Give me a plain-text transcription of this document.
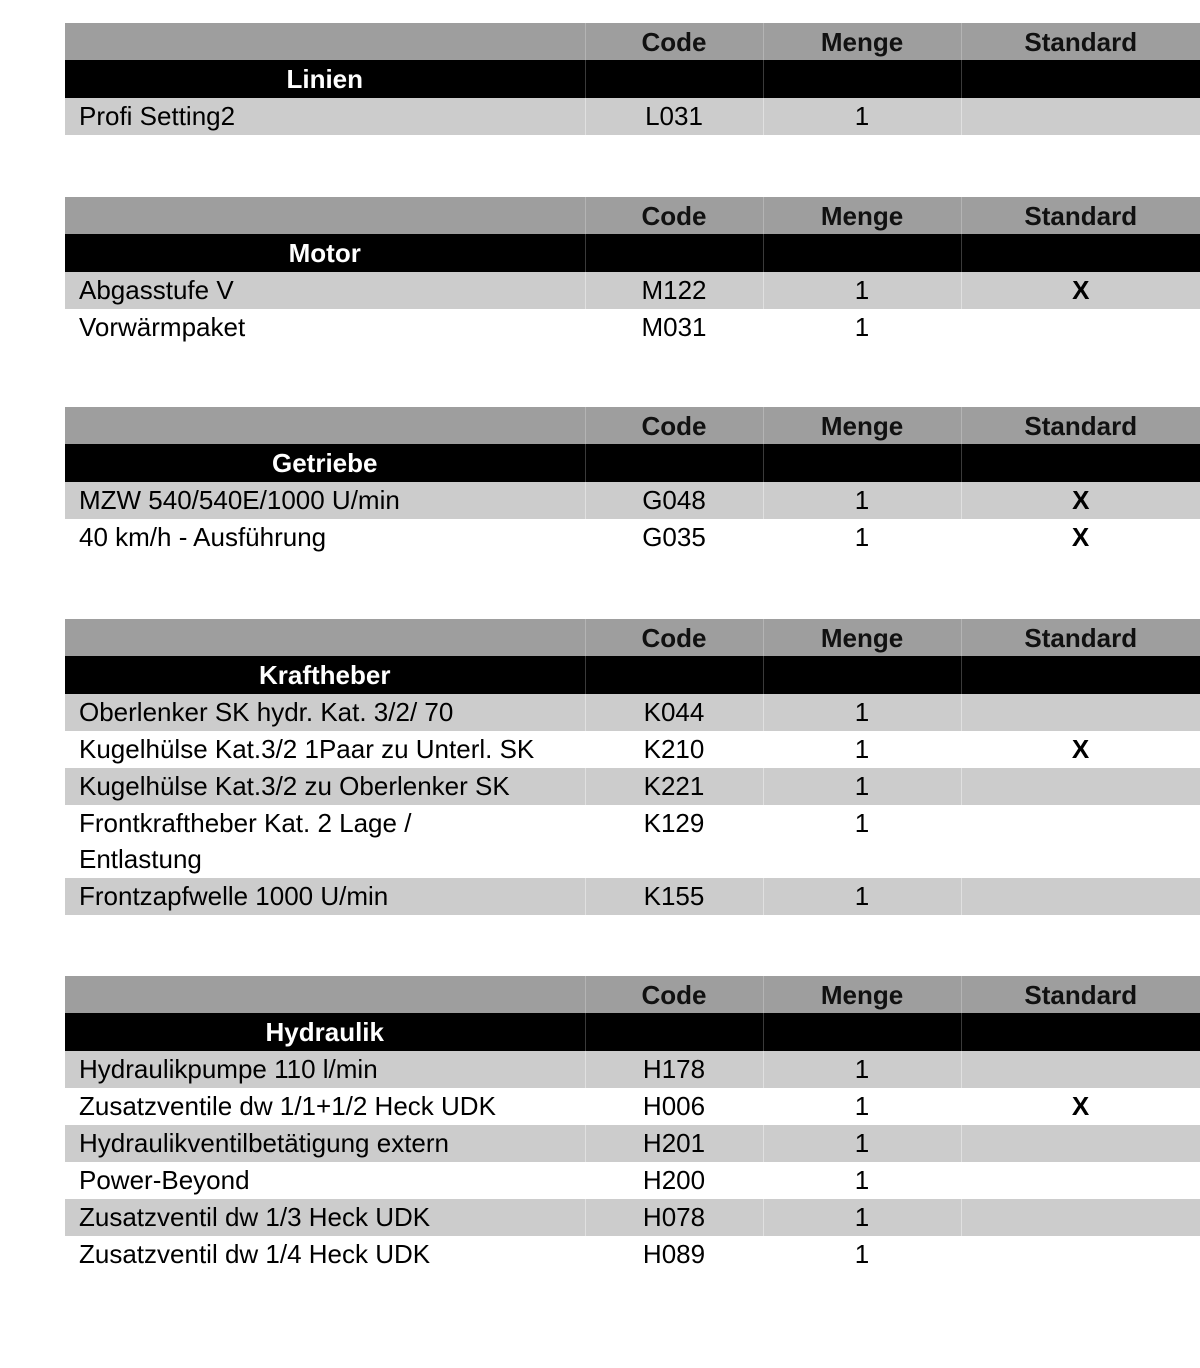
	Code	Menge	Standard
Linien			
Profi Setting2	L031	1	
	Code	Menge	Standard
Motor			
Abgasstufe V	M122	1	X
Vorwärmpaket	M031	1	
	Code	Menge	Standard
Getriebe			
MZW 540/540E/1000 U/min	G048	1	X
40 km/h - Ausführung	G035	1	X
	Code	Menge	Standard
Kraftheber			
Oberlenker SK hydr. Kat. 3/2/ 70	K044	1	
Kugelhülse Kat.3/2 1Paar zu Unterl. SK	K210	1	X
Kugelhülse Kat.3/2 zu Oberlenker SK	K221	1	
Frontkraftheber Kat. 2 Lage / Entlastung	K129	1	
Frontzapfwelle 1000 U/min	K155	1	
	Code	Menge	Standard
Hydraulik			
Hydraulikpumpe 110 l/min	H178	1	
Zusatzventile dw 1/1+1/2 Heck UDK	H006	1	X
Hydraulikventilbetätigung extern	H201	1	
Power-Beyond	H200	1	
Zusatzventil dw 1/3 Heck UDK	H078	1	
Zusatzventil dw 1/4 Heck UDK	H089	1	
